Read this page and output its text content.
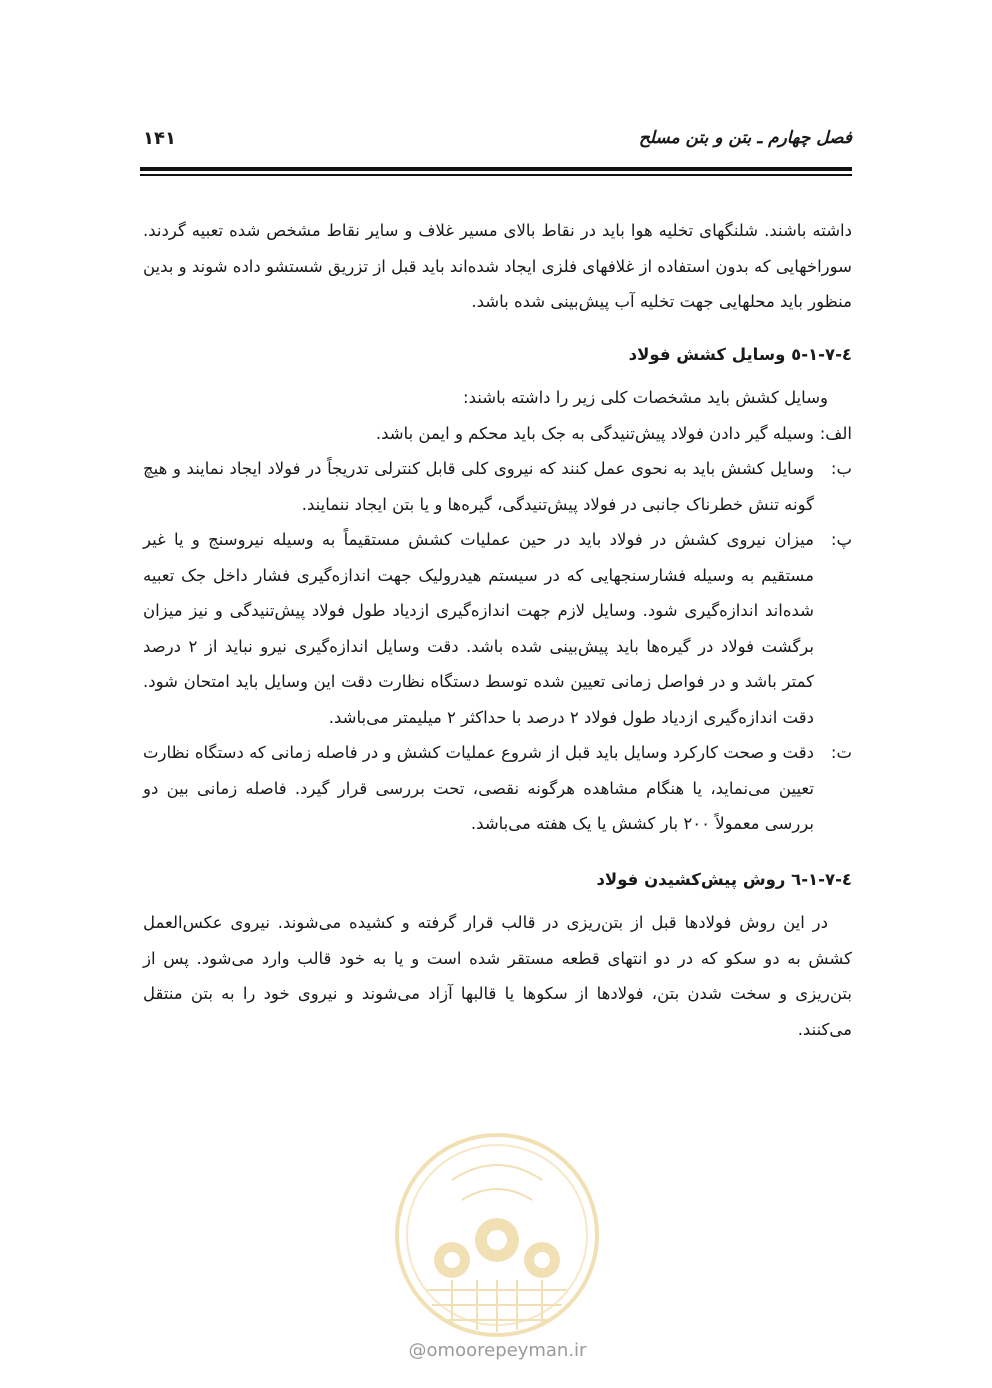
فصل چهارم ـ بتن و بتن مسلح
۱۴۱

داشته باشند. شلنگهای تخلیه هوا باید در نقاط بالای مسیر غلاف و سایر نقاط مشخص شده تعبیه گردند. سوراخهایی که بدون استفاده از غلافهای فلزی ایجاد شده‌اند باید قبل از تزریق شستشو داده شوند و بدین منظور باید محلهایی جهت تخلیه آب پیش‌بینی شده باشد.

٤-٧-١-٥ وسایل کشش فولاد

وسایل کشش باید مشخصات کلی زیر را داشته باشند:

الف:
وسیله گیر دادن فولاد پیش‌تنیدگی به جک باید محکم و ایمن باشد.
ب:
وسایل کشش باید به نحوی عمل کنند که نیروی کلی قابل کنترلی تدریجاً در فولاد ایجاد نمایند و هیچ گونه تنش خطرناک جانبی در فولاد پیش‌تنیدگی، گیره‌ها و یا بتن ایجاد ننمایند.
پ:
میزان نیروی کشش در فولاد باید در حین عملیات کشش مستقیماً به وسیله نیروسنج و یا غیر مستقیم به وسیله فشارسنجهایی که در سیستم هیدرولیک جهت اندازه‌گیری فشار داخل جک تعبیه شده‌اند اندازه‌گیری شود. وسایل لازم جهت اندازه‌گیری ازدیاد طول فولاد پیش‌تنیدگی و نیز میزان برگشت فولاد در گیره‌ها باید پیش‌بینی شده باشد. دقت وسایل اندازه‌گیری نیرو نباید از ٢ درصد کمتر باشد و در فواصل زمانی تعیین شده توسط دستگاه نظارت دقت این وسایل باید امتحان شود. دقت اندازه‌گیری ازدیاد طول فولاد ٢ درصد با حداکثر ٢ میلیمتر می‌باشد.
ت:
دقت و صحت کارکرد وسایل باید قبل از شروع عملیات کشش و در فاصله زمانی که دستگاه نظارت تعیین می‌نماید، یا هنگام مشاهده هرگونه نقصی، تحت بررسی قرار گیرد. فاصله زمانی بین دو بررسی معمولاً ٢٠٠ بار کشش یا یک هفته می‌باشد.
٤-٧-١-٦ روش پیش‌کشیدن فولاد

در این روش فولادها قبل از بتن‌ریزی در قالب قرار گرفته و کشیده می‌شوند. نیروی عکس‌العمل کشش به دو سکو که در دو انتهای قطعه مستقر شده است و یا به خود قالب وارد می‌شود. پس از بتن‌ریزی و سخت شدن بتن، فولادها از سکوها یا قالبها آزاد می‌شوند و نیروی خود را به بتن منتقل می‌کنند.

@omoorepeyman.ir
